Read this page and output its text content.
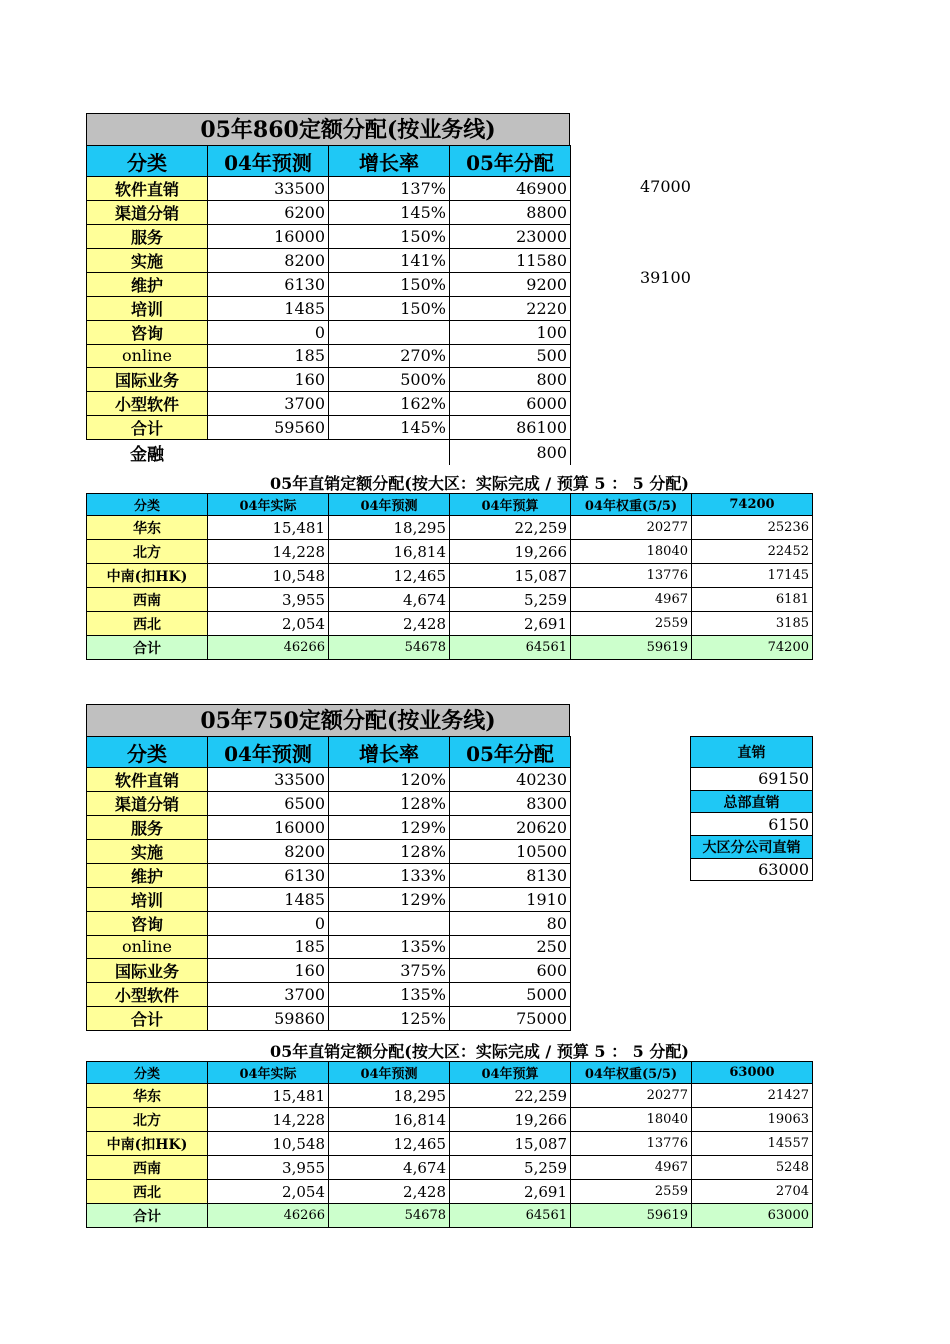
05年860定额分配(按业务线)
分类	04年预测	增长率	05年分配
软件直销	33500	137%	46900
渠道分销	6200	145%	8800
服务	16000	150%	23000
实施	8200	141%	11580
维护	6130	150%	9200
培训	1485	150%	2220
咨询	0		100
online	185	270%	500
国际业务	160	500%	800
小型软件	3700	162%	6000
合计	59560	145%	86100
金融			800
47000
39100
05年直销定额分配(按大区：实际完成 / 预算 5 ： 5 分配)
分类	04年实际	04年预测	04年预算	04年权重(5/5)	74200
华东	15,481	18,295	22,259	20277	25236
北方	14,228	16,814	19,266	18040	22452
中南(扣HK)	10,548	12,465	15,087	13776	17145
西南	3,955	4,674	5,259	4967	6181
西北	2,054	2,428	2,691	2559	3185
合计	46266	54678	64561	59619	74200
05年750定额分配(按业务线)
分类	04年预测	增长率	05年分配
软件直销	33500	120%	40230
渠道分销	6500	128%	8300
服务	16000	129%	20620
实施	8200	128%	10500
维护	6130	133%	8130
培训	1485	129%	1910
咨询	0		80
online	185	135%	250
国际业务	160	375%	600
小型软件	3700	135%	5000
合计	59860	125%	75000
直销
69150
总部直销
6150
大区分公司直销
63000
05年直销定额分配(按大区：实际完成 / 预算 5 ： 5 分配)
分类	04年实际	04年预测	04年预算	04年权重(5/5)	63000
华东	15,481	18,295	22,259	20277	21427
北方	14,228	16,814	19,266	18040	19063
中南(扣HK)	10,548	12,465	15,087	13776	14557
西南	3,955	4,674	5,259	4967	5248
西北	2,054	2,428	2,691	2559	2704
合计	46266	54678	64561	59619	63000
